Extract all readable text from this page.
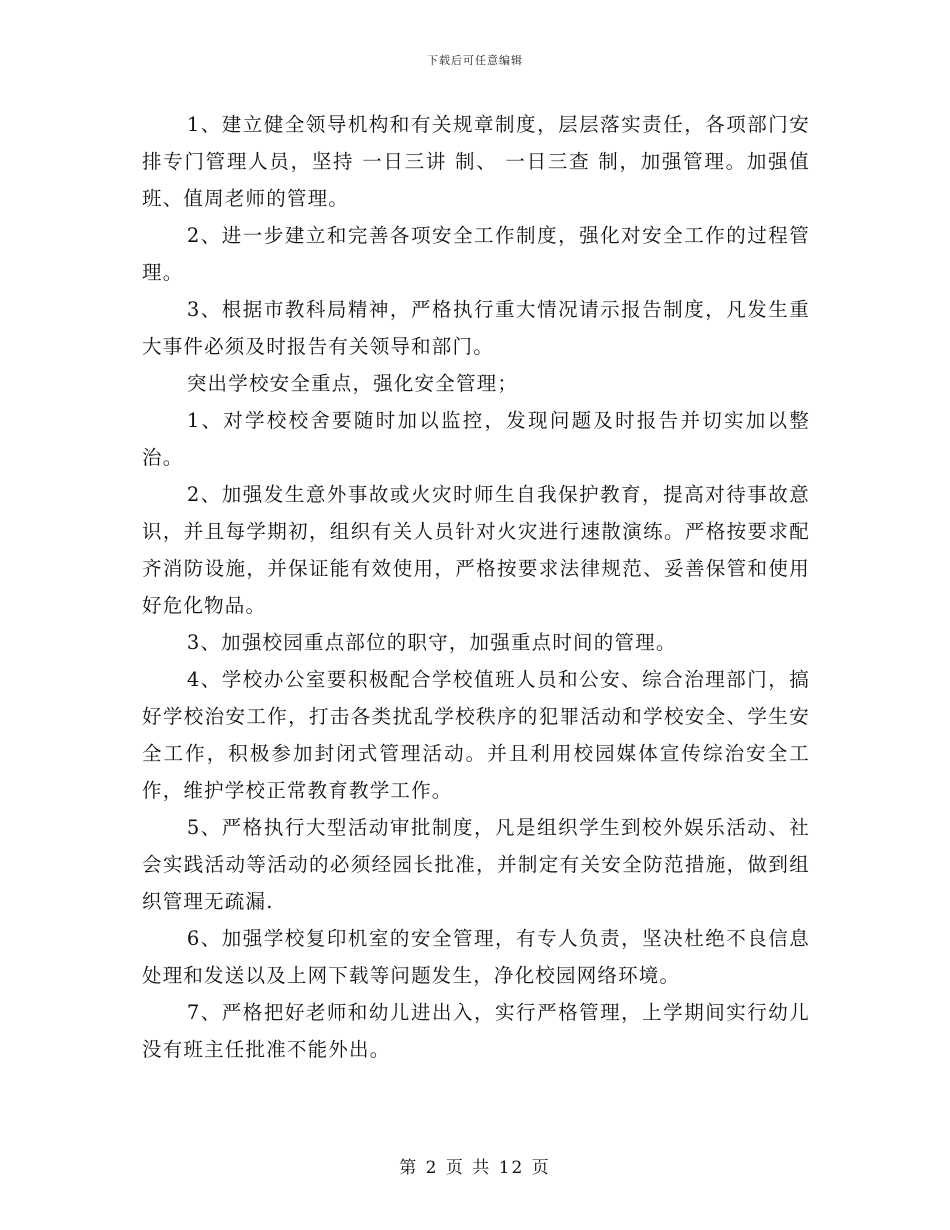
下载后可任意编辑

1、建立健全领导机构和有关规章制度，层层落实责任，各项部门安排专门管理人员，坚持 一日三讲 制、 一日三查 制，加强管理。加强值班、值周老师的管理。

2、进一步建立和完善各项安全工作制度，强化对安全工作的过程管理。

3、根据市教科局精神，严格执行重大情况请示报告制度，凡发生重大事件必须及时报告有关领导和部门。

突出学校安全重点，强化安全管理；

1、对学校校舍要随时加以监控，发现问题及时报告并切实加以整治。

2、加强发生意外事故或火灾时师生自我保护教育，提高对待事故意识，并且每学期初，组织有关人员针对火灾进行速散演练。严格按要求配齐消防设施，并保证能有效使用，严格按要求法律规范、妥善保管和使用好危化物品。

3、加强校园重点部位的职守，加强重点时间的管理。

4、学校办公室要积极配合学校值班人员和公安、综合治理部门，搞好学校治安工作，打击各类扰乱学校秩序的犯罪活动和学校安全、学生安全工作，积极参加封闭式管理活动。并且利用校园媒体宣传综治安全工作，维护学校正常教育教学工作。

5、严格执行大型活动审批制度，凡是组织学生到校外娱乐活动、社会实践活动等活动的必须经园长批准，并制定有关安全防范措施，做到组织管理无疏漏.

6、加强学校复印机室的安全管理，有专人负责，坚决杜绝不良信息处理和发送以及上网下载等问题发生，净化校园网络环境。

7、严格把好老师和幼儿进出入，实行严格管理，上学期间实行幼儿没有班主任批准不能外出。

第 2 页 共 12 页
